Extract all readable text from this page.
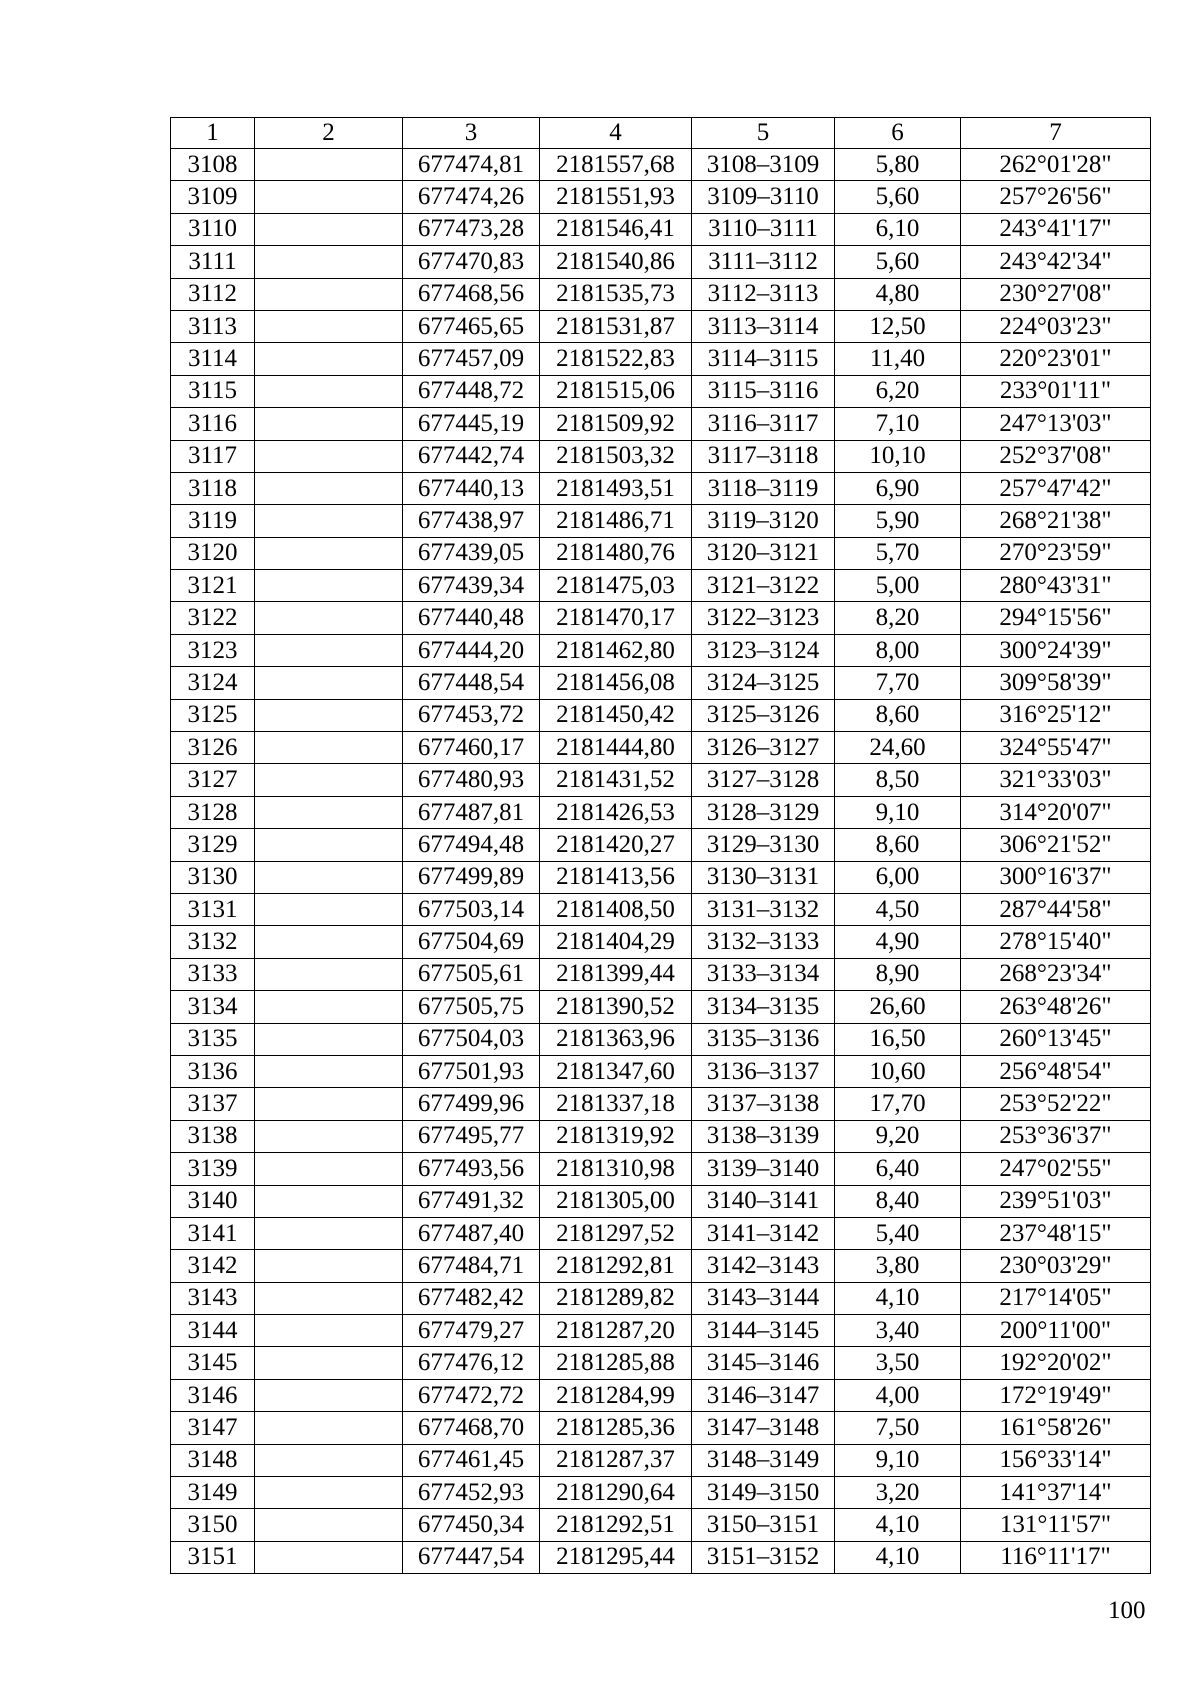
1	2	3	4	5	6	7
3108		677474,81	2181557,68	3108–3109	5,80	262°01'28"
3109		677474,26	2181551,93	3109–3110	5,60	257°26'56"
3110		677473,28	2181546,41	3110–3111	6,10	243°41'17"
3111		677470,83	2181540,86	3111–3112	5,60	243°42'34"
3112		677468,56	2181535,73	3112–3113	4,80	230°27'08"
3113		677465,65	2181531,87	3113–3114	12,50	224°03'23"
3114		677457,09	2181522,83	3114–3115	11,40	220°23'01"
3115		677448,72	2181515,06	3115–3116	6,20	233°01'11"
3116		677445,19	2181509,92	3116–3117	7,10	247°13'03"
3117		677442,74	2181503,32	3117–3118	10,10	252°37'08"
3118		677440,13	2181493,51	3118–3119	6,90	257°47'42"
3119		677438,97	2181486,71	3119–3120	5,90	268°21'38"
3120		677439,05	2181480,76	3120–3121	5,70	270°23'59"
3121		677439,34	2181475,03	3121–3122	5,00	280°43'31"
3122		677440,48	2181470,17	3122–3123	8,20	294°15'56"
3123		677444,20	2181462,80	3123–3124	8,00	300°24'39"
3124		677448,54	2181456,08	3124–3125	7,70	309°58'39"
3125		677453,72	2181450,42	3125–3126	8,60	316°25'12"
3126		677460,17	2181444,80	3126–3127	24,60	324°55'47"
3127		677480,93	2181431,52	3127–3128	8,50	321°33'03"
3128		677487,81	2181426,53	3128–3129	9,10	314°20'07"
3129		677494,48	2181420,27	3129–3130	8,60	306°21'52"
3130		677499,89	2181413,56	3130–3131	6,00	300°16'37"
3131		677503,14	2181408,50	3131–3132	4,50	287°44'58"
3132		677504,69	2181404,29	3132–3133	4,90	278°15'40"
3133		677505,61	2181399,44	3133–3134	8,90	268°23'34"
3134		677505,75	2181390,52	3134–3135	26,60	263°48'26"
3135		677504,03	2181363,96	3135–3136	16,50	260°13'45"
3136		677501,93	2181347,60	3136–3137	10,60	256°48'54"
3137		677499,96	2181337,18	3137–3138	17,70	253°52'22"
3138		677495,77	2181319,92	3138–3139	9,20	253°36'37"
3139		677493,56	2181310,98	3139–3140	6,40	247°02'55"
3140		677491,32	2181305,00	3140–3141	8,40	239°51'03"
3141		677487,40	2181297,52	3141–3142	5,40	237°48'15"
3142		677484,71	2181292,81	3142–3143	3,80	230°03'29"
3143		677482,42	2181289,82	3143–3144	4,10	217°14'05"
3144		677479,27	2181287,20	3144–3145	3,40	200°11'00"
3145		677476,12	2181285,88	3145–3146	3,50	192°20'02"
3146		677472,72	2181284,99	3146–3147	4,00	172°19'49"
3147		677468,70	2181285,36	3147–3148	7,50	161°58'26"
3148		677461,45	2181287,37	3148–3149	9,10	156°33'14"
3149		677452,93	2181290,64	3149–3150	3,20	141°37'14"
3150		677450,34	2181292,51	3150–3151	4,10	131°11'57"
3151		677447,54	2181295,44	3151–3152	4,10	116°11'17"
100
